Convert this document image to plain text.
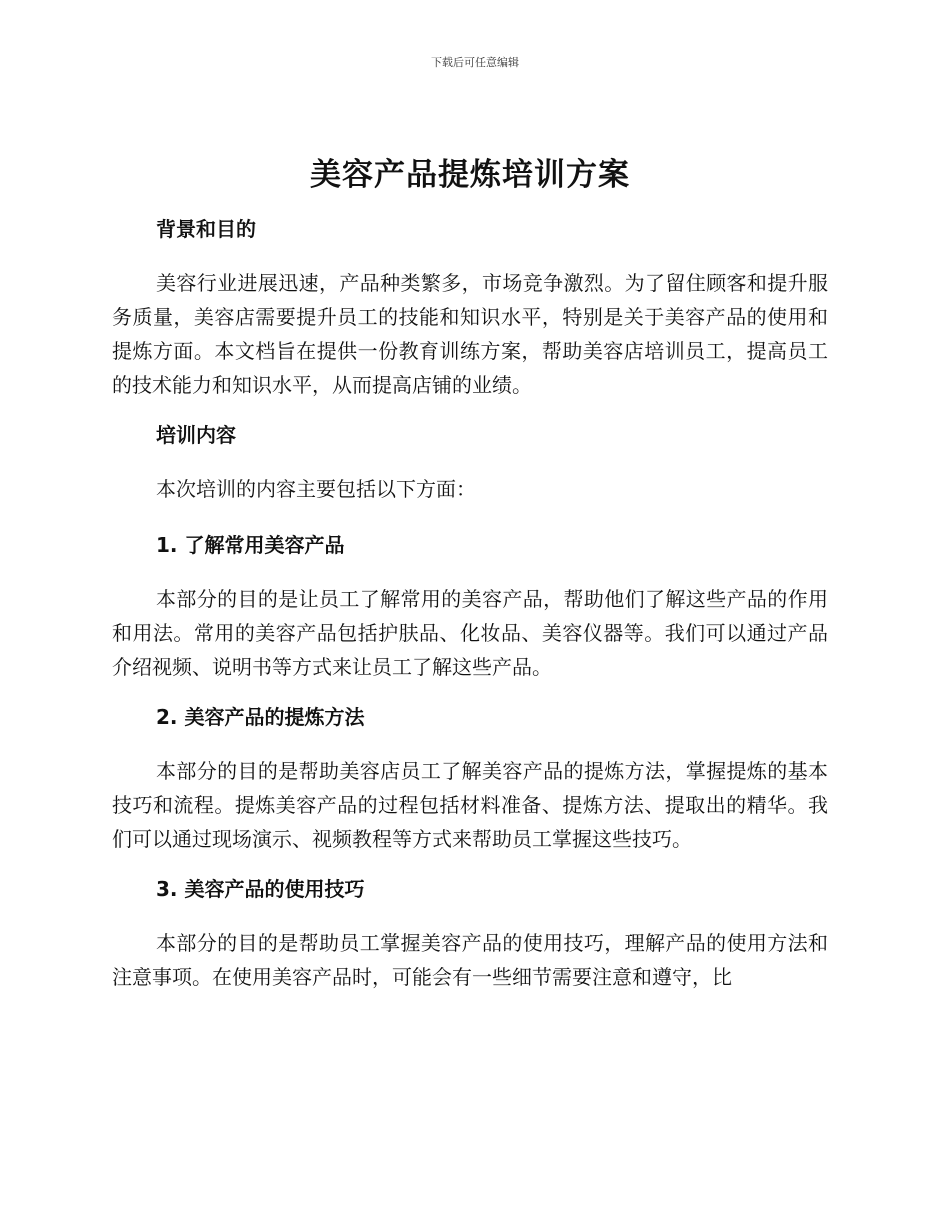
下载后可任意编辑
美容产品提炼培训方案
背景和目的

美容行业进展迅速，产品种类繁多，市场竞争激烈。为了留住顾客和提升服务质量，美容店需要提升员工的技能和知识水平，特别是关于美容产品的使用和提炼方面。本文档旨在提供一份教育训练方案，帮助美容店培训员工，提高员工的技术能力和知识水平，从而提高店铺的业绩。

培训内容

本次培训的内容主要包括以下方面：

1. 了解常用美容产品

本部分的目的是让员工了解常用的美容产品，帮助他们了解这些产品的作用和用法。常用的美容产品包括护肤品、化妆品、美容仪器等。我们可以通过产品介绍视频、说明书等方式来让员工了解这些产品。

2. 美容产品的提炼方法

本部分的目的是帮助美容店员工了解美容产品的提炼方法，掌握提炼的基本技巧和流程。提炼美容产品的过程包括材料准备、提炼方法、提取出的精华。我们可以通过现场演示、视频教程等方式来帮助员工掌握这些技巧。

3. 美容产品的使用技巧

本部分的目的是帮助员工掌握美容产品的使用技巧，理解产品的使用方法和注意事项。在使用美容产品时，可能会有一些细节需要注意和遵守，比
